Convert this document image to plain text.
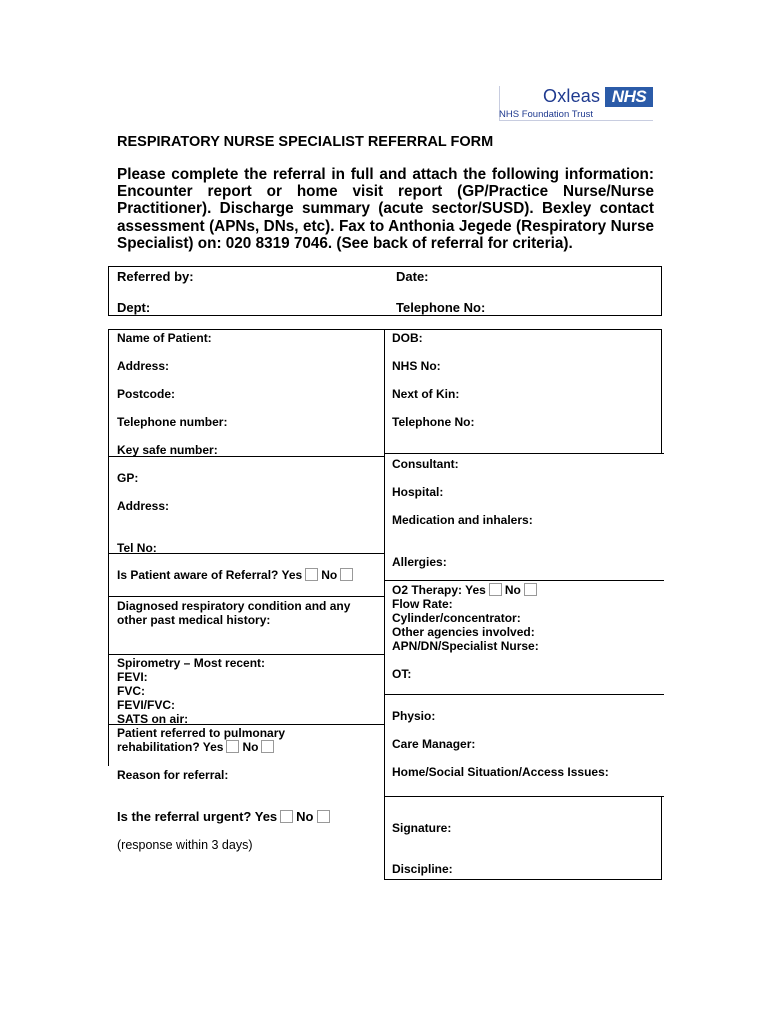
Oxleas NHS
NHS Foundation Trust
RESPIRATORY NURSE SPECIALIST REFERRAL FORM
Please complete the referral in full and attach the following information: Encounter report or home visit report (GP/Practice Nurse/Nurse Practitioner). Discharge summary (acute sector/SUSD). Bexley contact assessment (APNs, DNs, etc). Fax to Anthonia Jegede (Respiratory Nurse Specialist) on: 020 8319 7046. (See back of referral for criteria).
Referred by:	Date:
Dept:	Telephone No:
Name of Patient:
Address:
Postcode:
Telephone number:
Key safe number:
GP:
Address:
Tel No:
Is Patient aware of Referral? Yes No
Diagnosed respiratory condition and any
other past medical history:
Spirometry – Most recent:
FEVI:
FVC:
FEVI/FVC:
SATS on air:
Patient referred to pulmonary
rehabilitation? Yes No
Reason for referral:
Is the referral urgent? Yes No
(response within 3 days)
DOB:
NHS No:
Next of Kin:
Telephone No:
Consultant:
Hospital:
Medication and inhalers:
Allergies:
O2 Therapy: Yes No
Flow Rate:
Cylinder/concentrator:
Other agencies involved:
APN/DN/Specialist Nurse:
OT:
Physio:
Care Manager:
Home/Social Situation/Access Issues:
Signature:
Discipline:
